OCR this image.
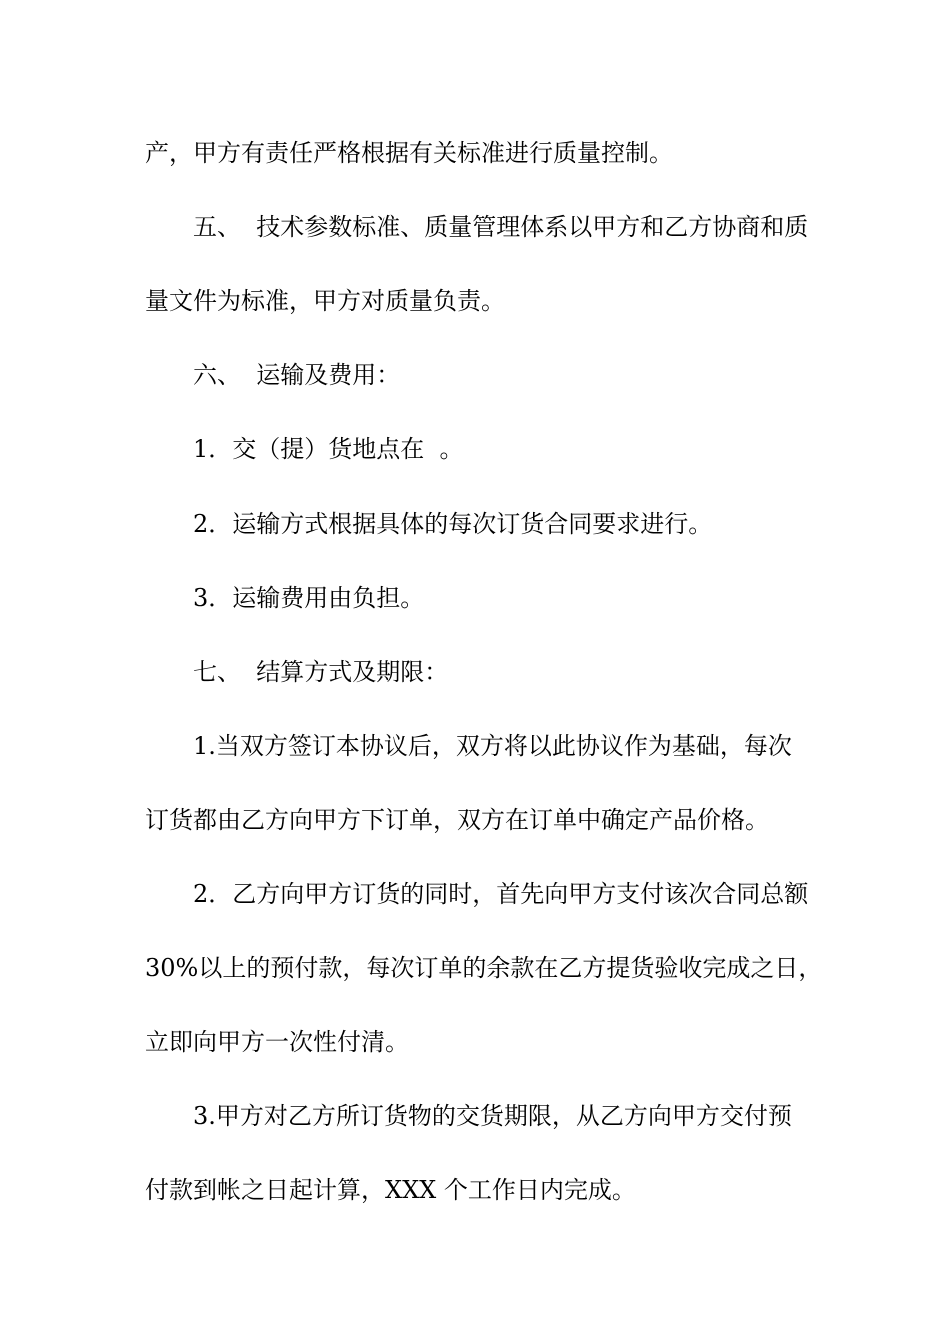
产，甲方有责任严格根据有关标准进行质量控制。

五、  技术参数标准、质量管理体系以甲方和乙方协商和质

量文件为标准，甲方对质量负责。

六、  运输及费用：

1．交（提）货地点在  。

2．运输方式根据具体的每次订货合同要求进行。

3．运输费用由负担。

七、  结算方式及期限：

1.当双方签订本协议后，双方将以此协议作为基础，每次

订货都由乙方向甲方下订单，双方在订单中确定产品价格。

2．乙方向甲方订货的同时，首先向甲方支付该次合同总额

30%以上的预付款，每次订单的余款在乙方提货验收完成之日，

立即向甲方一次性付清。

3.甲方对乙方所订货物的交货期限，从乙方向甲方交付预

付款到帐之日起计算，XXX 个工作日内完成。
